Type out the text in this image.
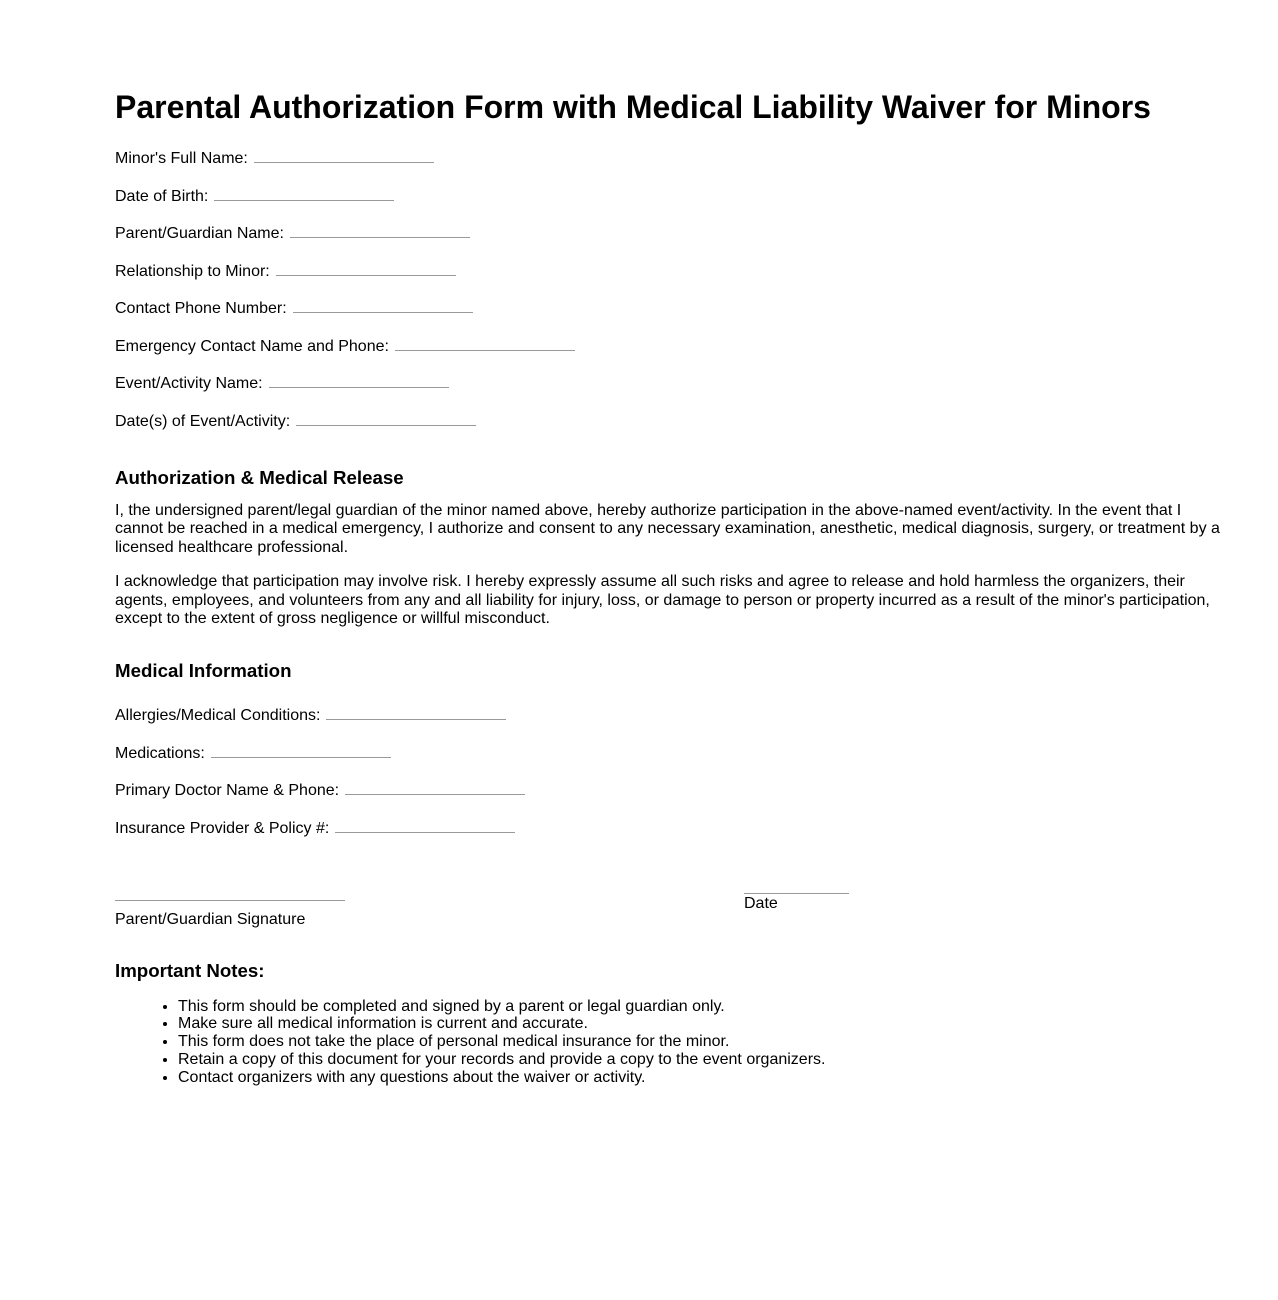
Parental Authorization Form with Medical Liability Waiver for Minors

Minor's Full Name:

Date of Birth:

Parent/Guardian Name:

Relationship to Minor:

Contact Phone Number:

Emergency Contact Name and Phone:

Event/Activity Name:

Date(s) of Event/Activity:

Authorization & Medical Release

I, the undersigned parent/legal guardian of the minor named above, hereby authorize participation in the above-named event/activity. In the event that I cannot be reached in a medical emergency, I authorize and consent to any necessary examination, anesthetic, medical diagnosis, surgery, or treatment by a licensed healthcare professional.

I acknowledge that participation may involve risk. I hereby expressly assume all such risks and agree to release and hold harmless the organizers, their agents, employees, and volunteers from any and all liability for injury, loss, or damage to person or property incurred as a result of the minor's participation, except to the extent of gross negligence or willful misconduct.

Medical Information

Allergies/Medical Conditions:

Medications:

Primary Doctor Name & Phone:

Insurance Provider & Policy #:

Parent/Guardian Signature
Date
Important Notes:
• This form should be completed and signed by a parent or legal guardian only.
• Make sure all medical information is current and accurate.
• This form does not take the place of personal medical insurance for the minor.
• Retain a copy of this document for your records and provide a copy to the event organizers.
• Contact organizers with any questions about the waiver or activity.
